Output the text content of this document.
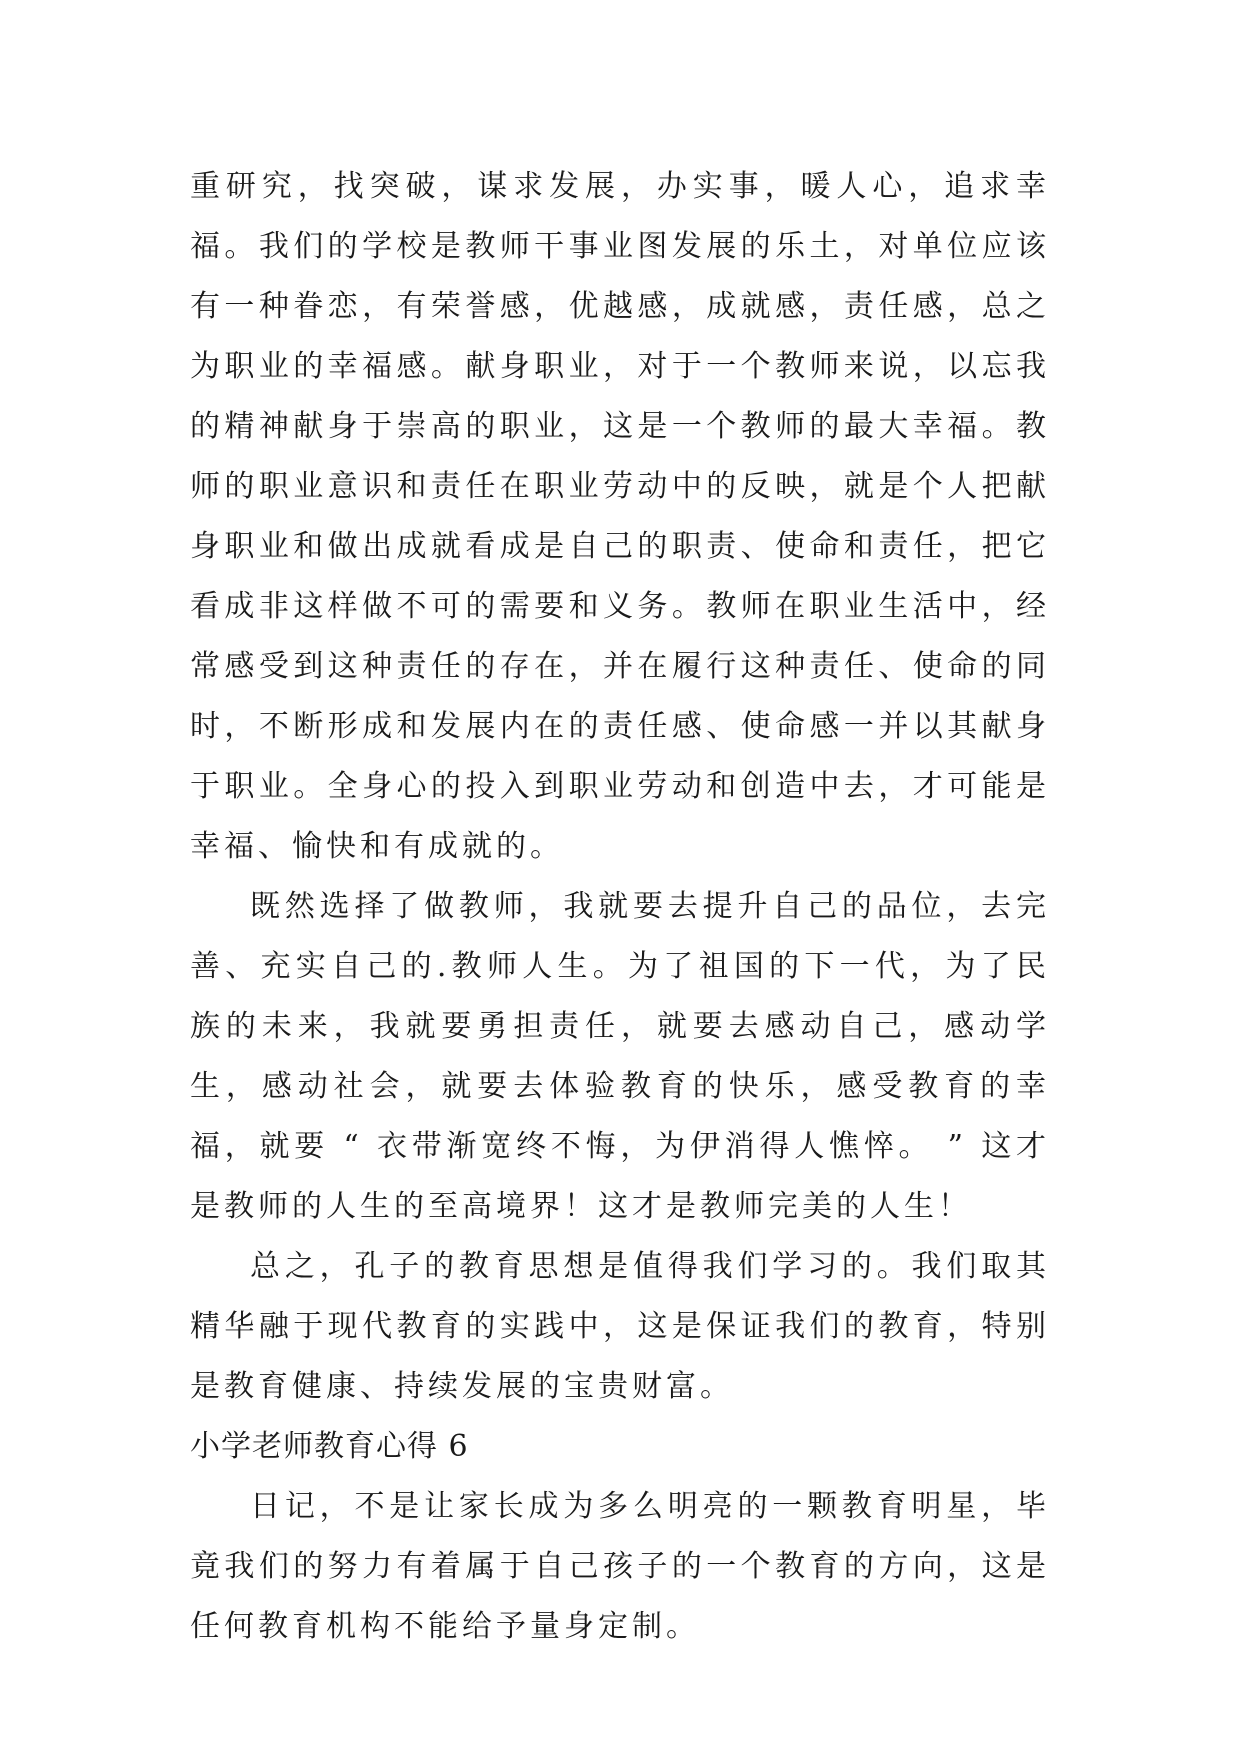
重研究，找突破，谋求发展，办实事，暖人心，追求幸福。我们的学校是教师干事业图发展的乐土，对单位应该有一种眷恋，有荣誉感，优越感，成就感，责任感，总之为职业的幸福感。献身职业，对于一个教师来说，以忘我的精神献身于崇高的职业，这是一个教师的最大幸福。教师的职业意识和责任在职业劳动中的反映，就是个人把献身职业和做出成就看成是自己的职责、使命和责任，把它看成非这样做不可的需要和义务。教师在职业生活中，经常感受到这种责任的存在，并在履行这种责任、使命的同时，不断形成和发展内在的责任感、使命感一并以其献身于职业。全身心的投入到职业劳动和创造中去，才可能是幸福、愉快和有成就的。

既然选择了做教师，我就要去提升自己的品位，去完善、充实自己的.教师人生。为了祖国的下一代，为了民族的未来，我就要勇担责任，就要去感动自己，感动学生，感动社会，就要去体验教育的快乐，感受教育的幸福，就要 “ 衣带渐宽终不悔，为伊消得人憔悴。 ” 这才是教师的人生的至高境界！这才是教师完美的人生！

总之，孔子的教育思想是值得我们学习的。我们取其精华融于现代教育的实践中，这是保证我们的教育，特别是教育健康、持续发展的宝贵财富。

小学老师教育心得 6

日记，不是让家长成为多么明亮的一颗教育明星，毕竟我们的努力有着属于自己孩子的一个教育的方向，这是任何教育机构不能给予量身定制。
